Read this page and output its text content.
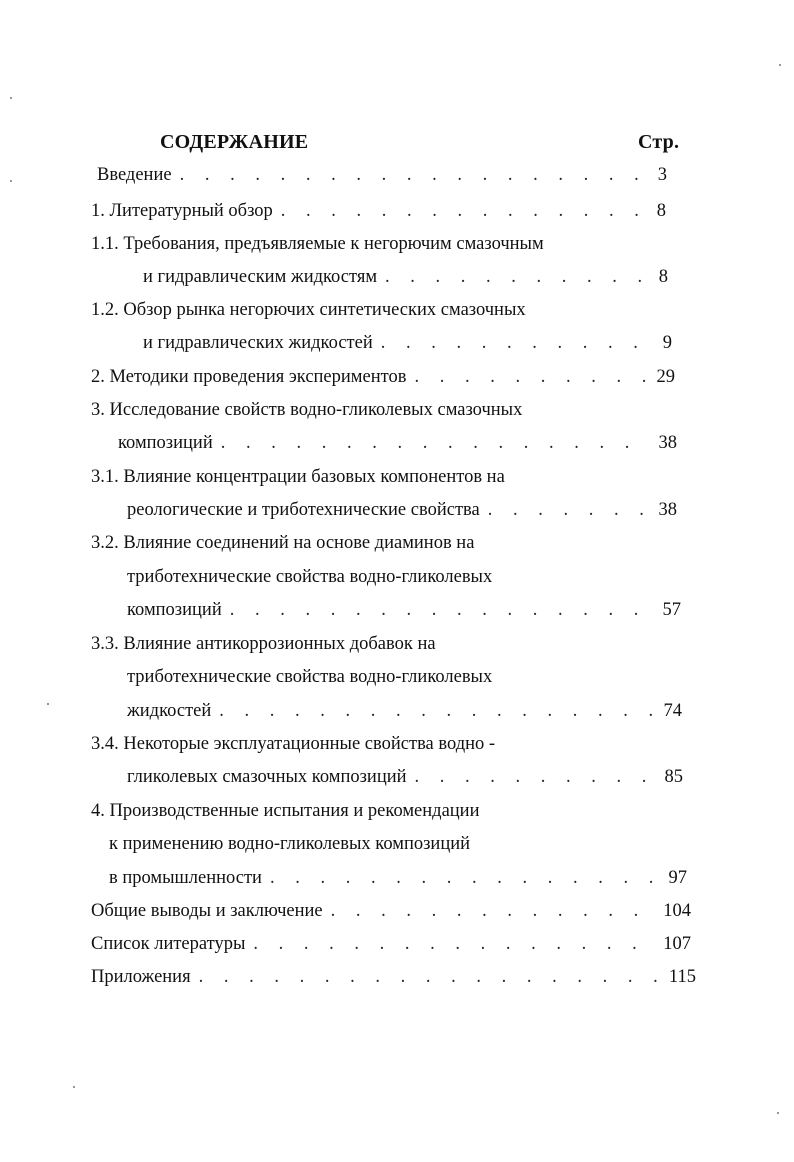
СОДЕРЖАНИЕ	Стр.
Введение . . .	3
1. Литературный обзор . . .	8
1.1. Требования, предъявляемые к негорючим смазочным
и гидравлическим жидкостям . . .	8
1.2. Обзор рынка негорючих синтетических смазочных
и гидравлических жидкостей . . .	9
2. Методики проведения экспериментов . . .	29
3. Исследование свойств водно-гликолевых смазочных
композиций . . .	38
3.1. Влияние концентрации базовых компонентов на
реологические и триботехнические свойства . . .	38
3.2. Влияние соединений на основе диаминов на
триботехнические свойства водно-гликолевых
композиций . . .	57
3.3. Влияние антикоррозионных добавок на
триботехнические свойства водно-гликолевых
жидкостей . . .	74
3.4. Некоторые эксплуатационные свойства водно -
гликолевых смазочных композиций . . .	85
4. Производственные испытания и рекомендации
к применению водно-гликолевых композиций
в промышленности . . .	97
Общие выводы и заключение . . .	104
Список литературы . . .	107
Приложения . . .	115
